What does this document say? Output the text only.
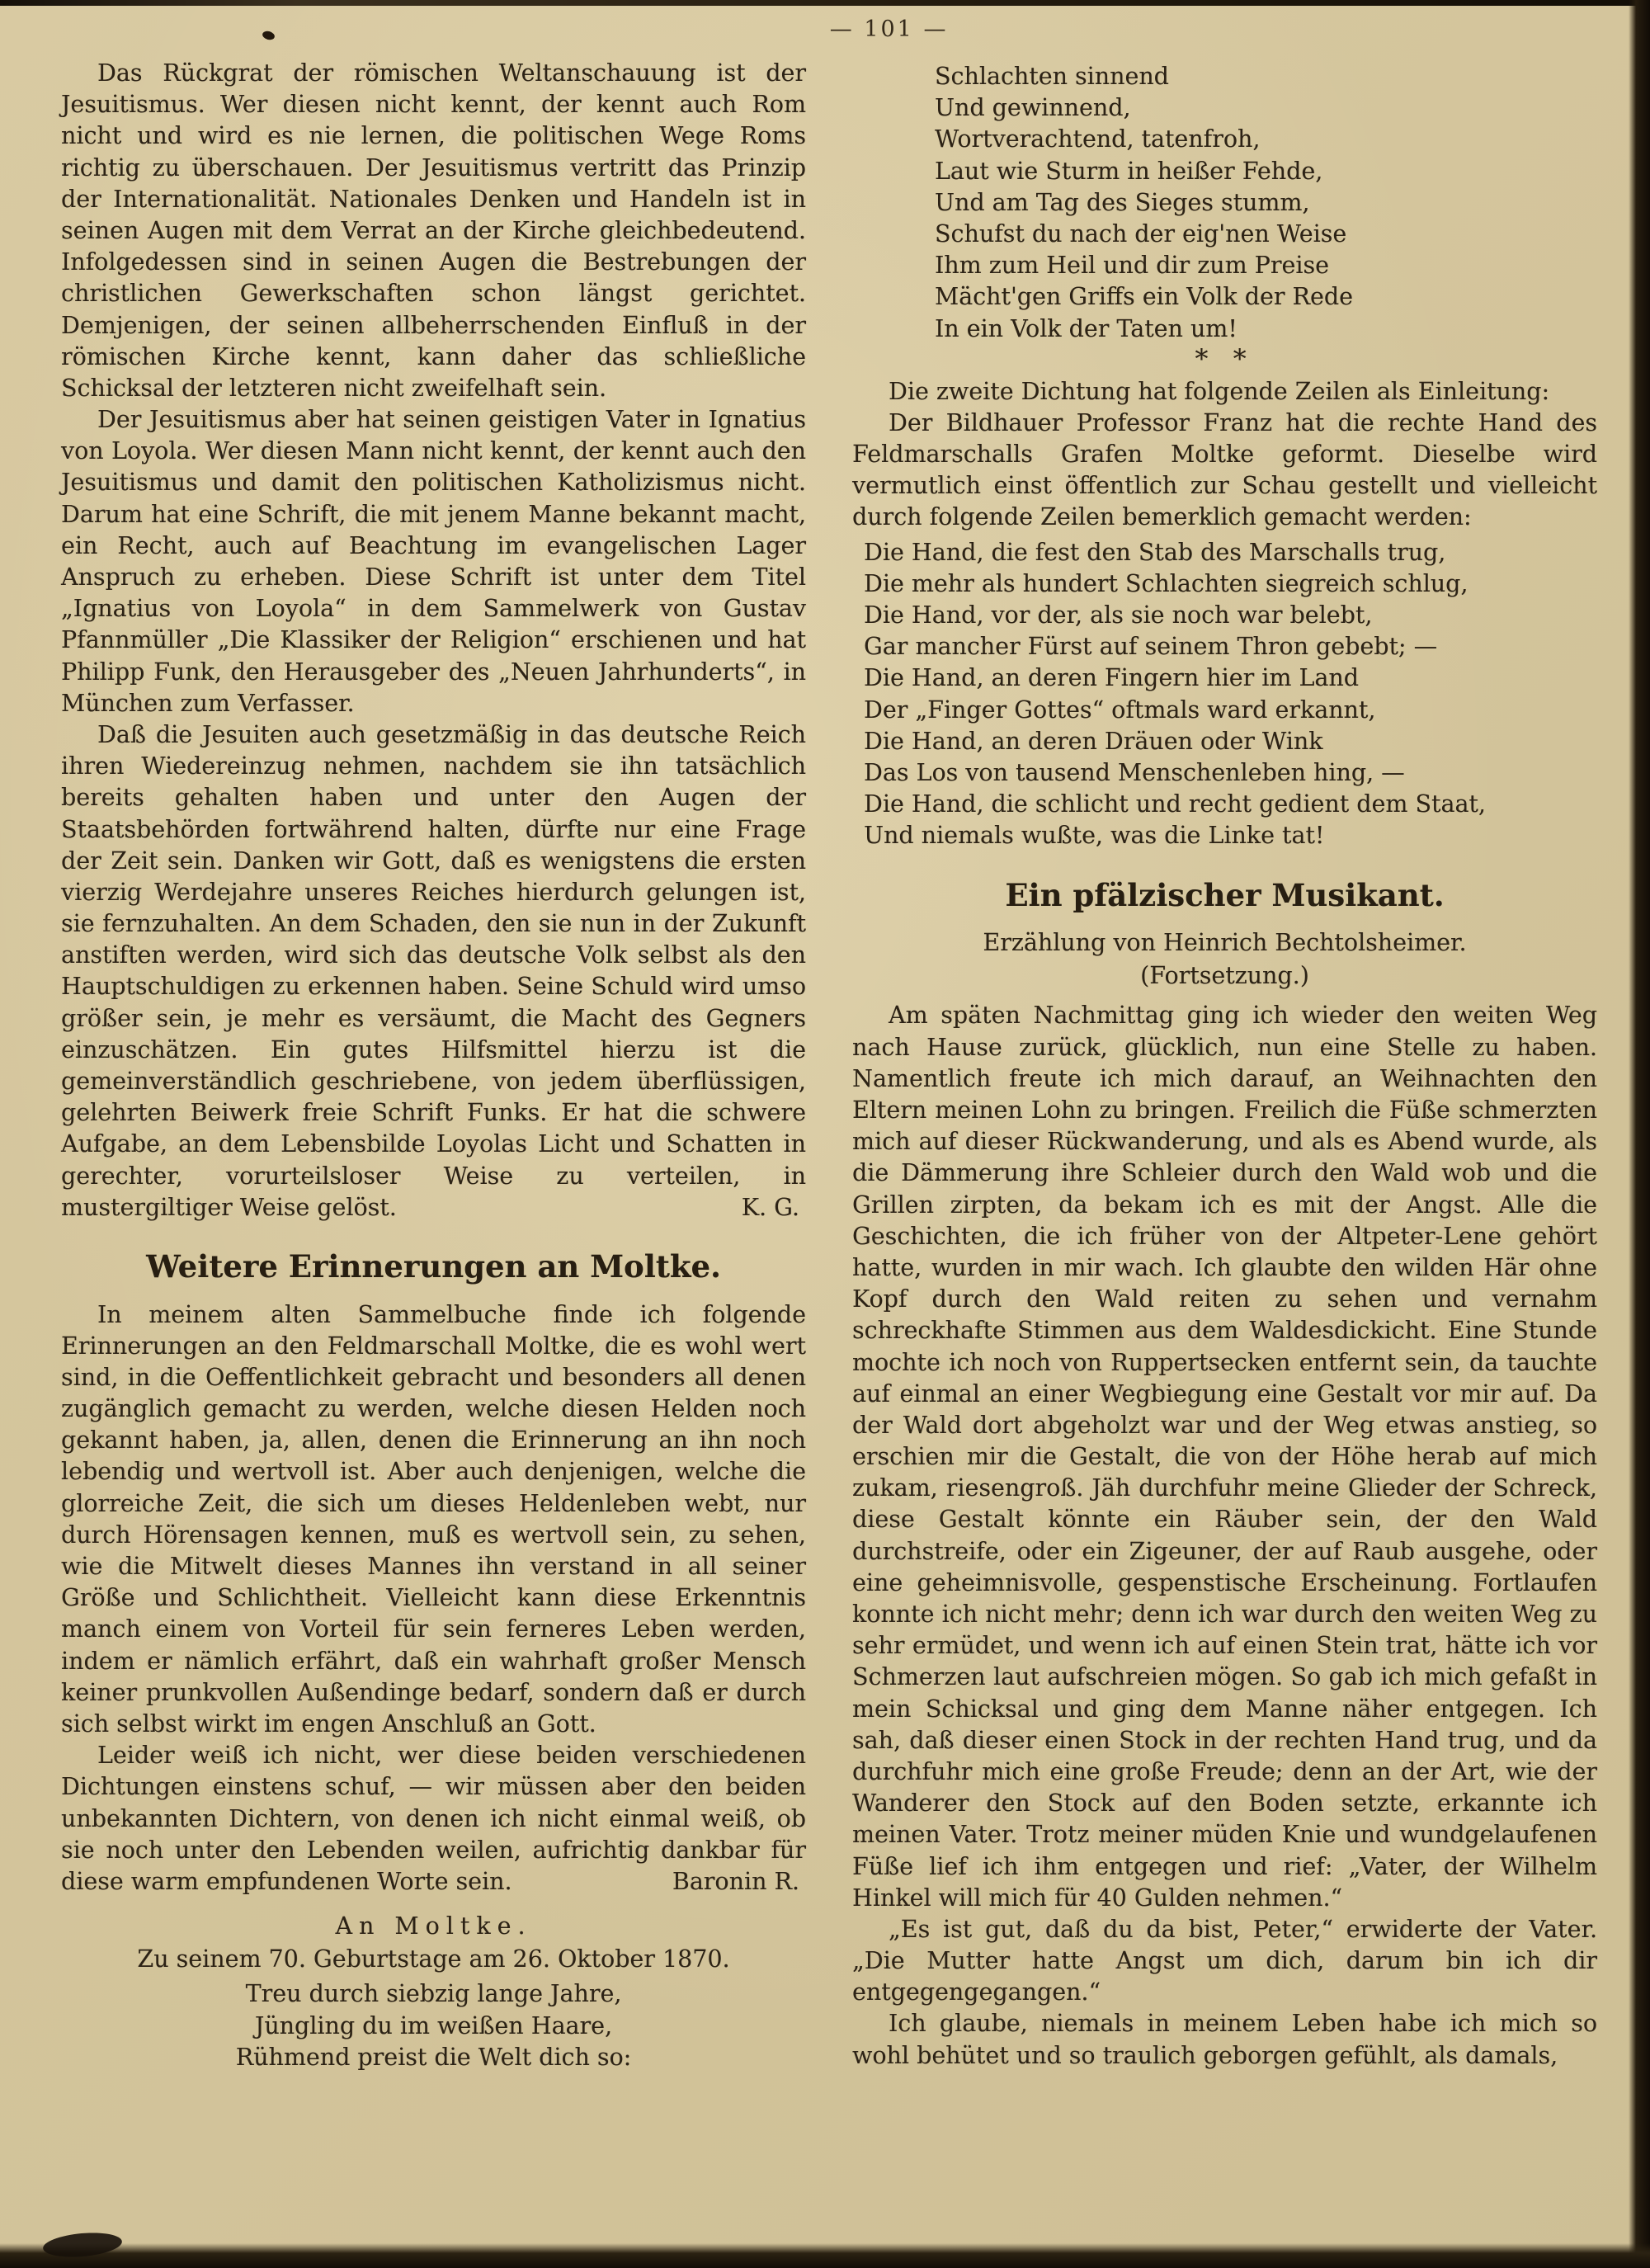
— 101 —

Das Rückgrat der römischen Weltanschauung ist der Jesuitismus. Wer diesen nicht kennt, der kennt auch Rom nicht und wird es nie lernen, die politischen Wege Roms richtig zu überschauen. Der Jesuitismus vertritt das Prinzip der Internationalität. Nationales Denken und Handeln ist in seinen Augen mit dem Verrat an der Kirche gleichbedeutend. Infolgedessen sind in seinen Augen die Bestrebungen der christlichen Gewerkschaften schon längst gerichtet. Demjenigen, der seinen allbeherrschenden Einfluß in der römischen Kirche kennt, kann daher das schließliche Schicksal der letzteren nicht zweifelhaft sein.

Der Jesuitismus aber hat seinen geistigen Vater in Ignatius von Loyola. Wer diesen Mann nicht kennt, der kennt auch den Jesuitismus und damit den politischen Katholizismus nicht. Darum hat eine Schrift, die mit jenem Manne bekannt macht, ein Recht, auch auf Beachtung im evangelischen Lager Anspruch zu erheben. Diese Schrift ist unter dem Titel „Ignatius von Loyola“ in dem Sammelwerk von Gustav Pfannmüller „Die Klassiker der Religion“ erschienen und hat Philipp Funk, den Herausgeber des „Neuen Jahrhunderts“, in München zum Verfasser.

Daß die Jesuiten auch gesetzmäßig in das deutsche Reich ihren Wiedereinzug nehmen, nachdem sie ihn tatsächlich bereits gehalten haben und unter den Augen der Staatsbehörden fortwährend halten, dürfte nur eine Frage der Zeit sein. Danken wir Gott, daß es wenigstens die ersten vierzig Werdejahre unseres Reiches hierdurch gelungen ist, sie fernzuhalten. An dem Schaden, den sie nun in der Zukunft anstiften werden, wird sich das deutsche Volk selbst als den Hauptschuldigen zu erkennen haben. Seine Schuld wird umso größer sein, je mehr es versäumt, die Macht des Gegners einzuschätzen. Ein gutes Hilfsmittel hierzu ist die gemeinverständlich geschriebene, von jedem überflüssigen, gelehrten Beiwerk freie Schrift Funks. Er hat die schwere Aufgabe, an dem Lebensbilde Loyolas Licht und Schatten in gerechter, vorurteilsloser Weise zu verteilen, in mustergiltiger Weise gelöst.	K. G.

Weitere Erinnerungen an Moltke.

In meinem alten Sammelbuche finde ich folgende Erinnerungen an den Feldmarschall Moltke, die es wohl wert sind, in die Oeffentlichkeit gebracht und besonders all denen zugänglich gemacht zu werden, welche diesen Helden noch gekannt haben, ja, allen, denen die Erinnerung an ihn noch lebendig und wertvoll ist. Aber auch denjenigen, welche die glorreiche Zeit, die sich um dieses Heldenleben webt, nur durch Hörensagen kennen, muß es wertvoll sein, zu sehen, wie die Mitwelt dieses Mannes ihn verstand in all seiner Größe und Schlichtheit. Vielleicht kann diese Erkenntnis manch einem von Vorteil für sein ferneres Leben werden, indem er nämlich erfährt, daß ein wahrhaft großer Mensch keiner prunkvollen Außendinge bedarf, sondern daß er durch sich selbst wirkt im engen Anschluß an Gott.

Leider weiß ich nicht, wer diese beiden verschiedenen Dichtungen einstens schuf, — wir müssen aber den beiden unbekannten Dichtern, von denen ich nicht einmal weiß, ob sie noch unter den Lebenden weilen, aufrichtig dankbar für diese warm empfundenen Worte sein.	Baronin R.

An Moltke.
Zu seinem 70. Geburtstage am 26. Oktober 1870.
Treu durch siebzig lange Jahre,
Jüngling du im weißen Haare,
Rühmend preist die Welt dich so:
Schlachten sinnend
Und gewinnend,
Wortverachtend, tatenfroh,
Laut wie Sturm in heißer Fehde,
Und am Tag des Sieges stumm,
Schufst du nach der eig'nen Weise
Ihm zum Heil und dir zum Preise
Mächt'gen Griffs ein Volk der Rede
In ein Volk der Taten um!
* *

Die zweite Dichtung hat folgende Zeilen als Einleitung:

Der Bildhauer Professor Franz hat die rechte Hand des Feldmarschalls Grafen Moltke geformt. Dieselbe wird vermutlich einst öffentlich zur Schau gestellt und vielleicht durch folgende Zeilen bemerklich gemacht werden:

Die Hand, die fest den Stab des Marschalls trug,
Die mehr als hundert Schlachten siegreich schlug,
Die Hand, vor der, als sie noch war belebt,
Gar mancher Fürst auf seinem Thron gebebt; —
Die Hand, an deren Fingern hier im Land
Der „Finger Gottes“ oftmals ward erkannt,
Die Hand, an deren Dräuen oder Wink
Das Los von tausend Menschenleben hing, —
Die Hand, die schlicht und recht gedient dem Staat,
Und niemals wußte, was die Linke tat!
Ein pfälzischer Musikant.
Erzählung von Heinrich Bechtolsheimer.
(Fortsetzung.)

Am späten Nachmittag ging ich wieder den weiten Weg nach Hause zurück, glücklich, nun eine Stelle zu haben. Namentlich freute ich mich darauf, an Weihnachten den Eltern meinen Lohn zu bringen. Freilich die Füße schmerzten mich auf dieser Rückwanderung, und als es Abend wurde, als die Dämmerung ihre Schleier durch den Wald wob und die Grillen zirpten, da bekam ich es mit der Angst. Alle die Geschichten, die ich früher von der Altpeter-Lene gehört hatte, wurden in mir wach. Ich glaubte den wilden Här ohne Kopf durch den Wald reiten zu sehen und vernahm schreckhafte Stimmen aus dem Waldesdickicht. Eine Stunde mochte ich noch von Ruppertsecken entfernt sein, da tauchte auf einmal an einer Wegbiegung eine Gestalt vor mir auf. Da der Wald dort abgeholzt war und der Weg etwas anstieg, so erschien mir die Gestalt, die von der Höhe herab auf mich zukam, riesengroß. Jäh durchfuhr meine Glieder der Schreck, diese Gestalt könnte ein Räuber sein, der den Wald durchstreife, oder ein Zigeuner, der auf Raub ausgehe, oder eine geheimnisvolle, gespenstische Erscheinung. Fortlaufen konnte ich nicht mehr; denn ich war durch den weiten Weg zu sehr ermüdet, und wenn ich auf einen Stein trat, hätte ich vor Schmerzen laut aufschreien mögen. So gab ich mich gefaßt in mein Schicksal und ging dem Manne näher entgegen. Ich sah, daß dieser einen Stock in der rechten Hand trug, und da durchfuhr mich eine große Freude; denn an der Art, wie der Wanderer den Stock auf den Boden setzte, erkannte ich meinen Vater. Trotz meiner müden Knie und wundgelaufenen Füße lief ich ihm entgegen und rief: „Vater, der Wilhelm Hinkel will mich für 40 Gulden nehmen.“

„Es ist gut, daß du da bist, Peter,“ erwiderte der Vater. „Die Mutter hatte Angst um dich, darum bin ich dir entgegengegangen.“

Ich glaube, niemals in meinem Leben habe ich mich so wohl behütet und so traulich geborgen gefühlt, als damals,
